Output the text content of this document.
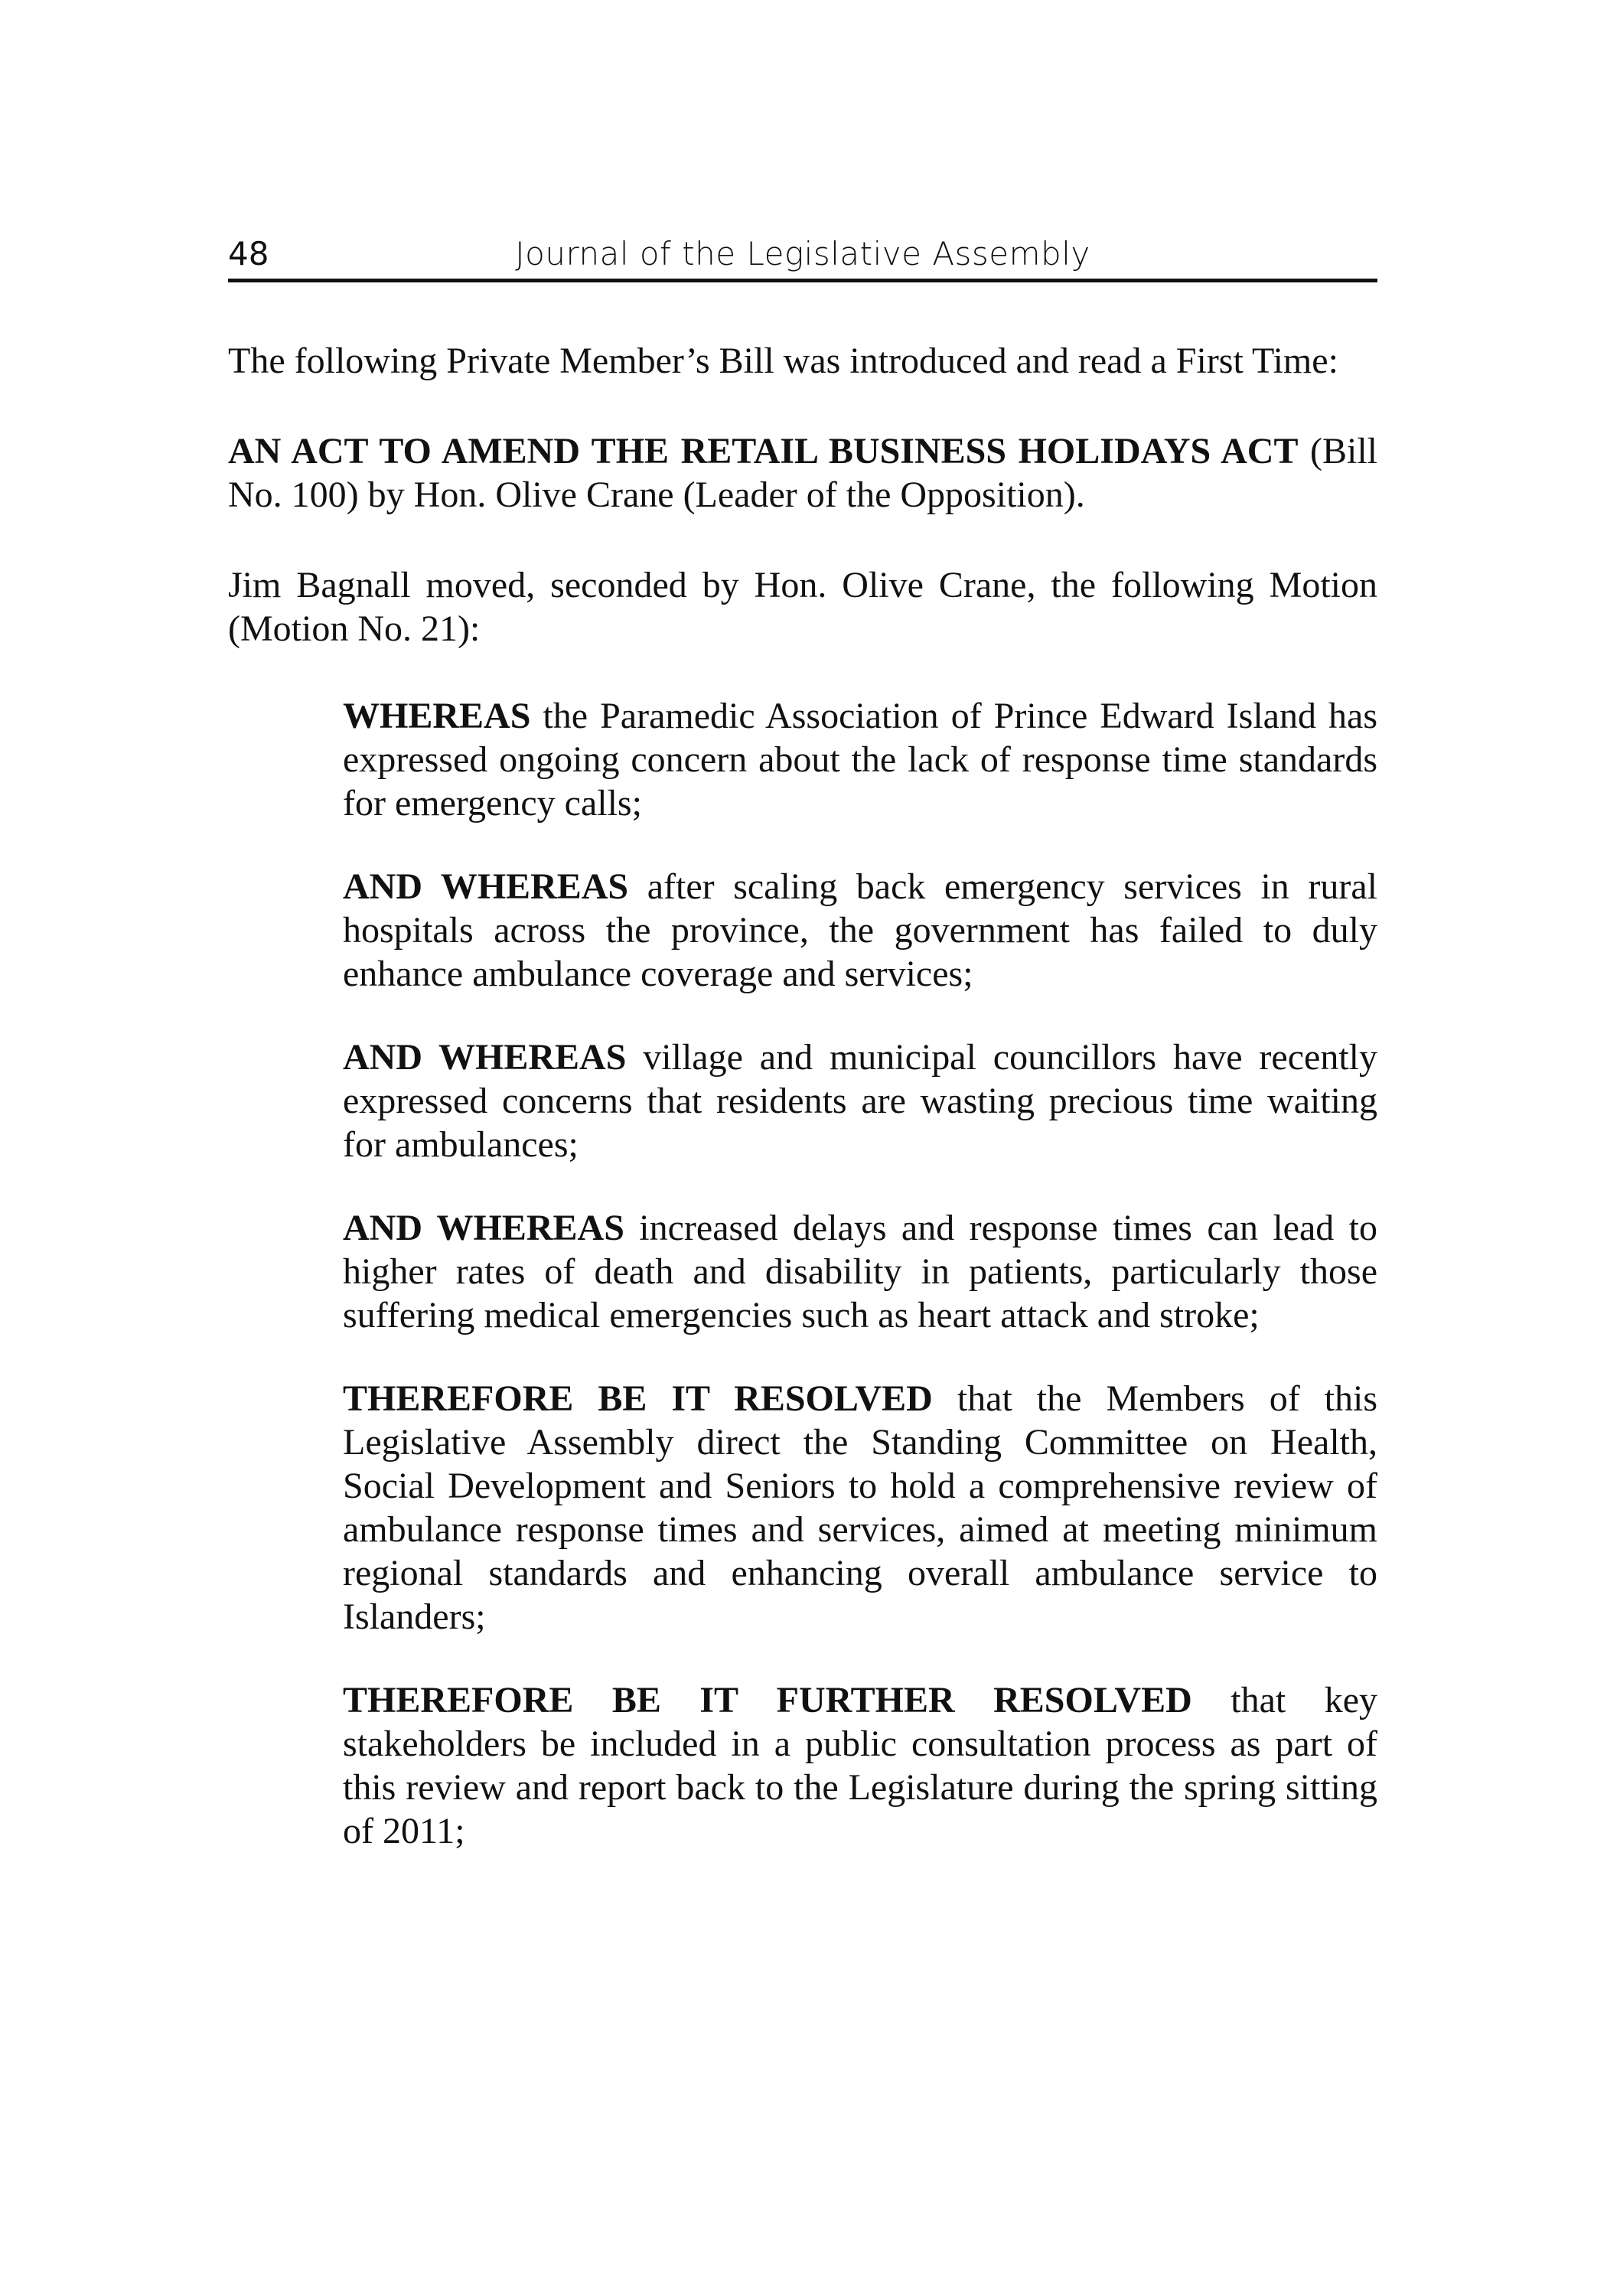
48	Journal of the Legislative Assembly

The following Private Member’s Bill was introduced and read a First Time:

AN ACT TO AMEND THE RETAIL BUSINESS HOLIDAYS ACT (Bill No. 100) by Hon. Olive Crane (Leader of the Opposition).

Jim Bagnall moved, seconded by Hon. Olive Crane, the following Motion (Motion No. 21):

WHEREAS the Paramedic Association of Prince Edward Island has expressed ongoing concern about the lack of response time standards for emergency calls;

AND WHEREAS after scaling back emergency services in rural hospitals across the province, the government has failed to duly enhance ambulance coverage and services;

AND WHEREAS village and municipal councillors have recently expressed concerns that residents are wasting precious time waiting for ambulances;

AND WHEREAS increased delays and response times can lead to higher rates of death and disability in patients, particularly those suffering medical emergencies such as heart attack and stroke;

THEREFORE BE IT RESOLVED that the Members of this Legislative Assembly direct the Standing Committee on Health, Social Development and Seniors to hold a comprehensive review of ambulance response times and services, aimed at meeting minimum regional standards and enhancing overall ambulance service to Islanders;

THEREFORE BE IT FURTHER RESOLVED that key stakeholders be included in a public consultation process as part of this review and report back to the Legislature during the spring sitting of 2011;
